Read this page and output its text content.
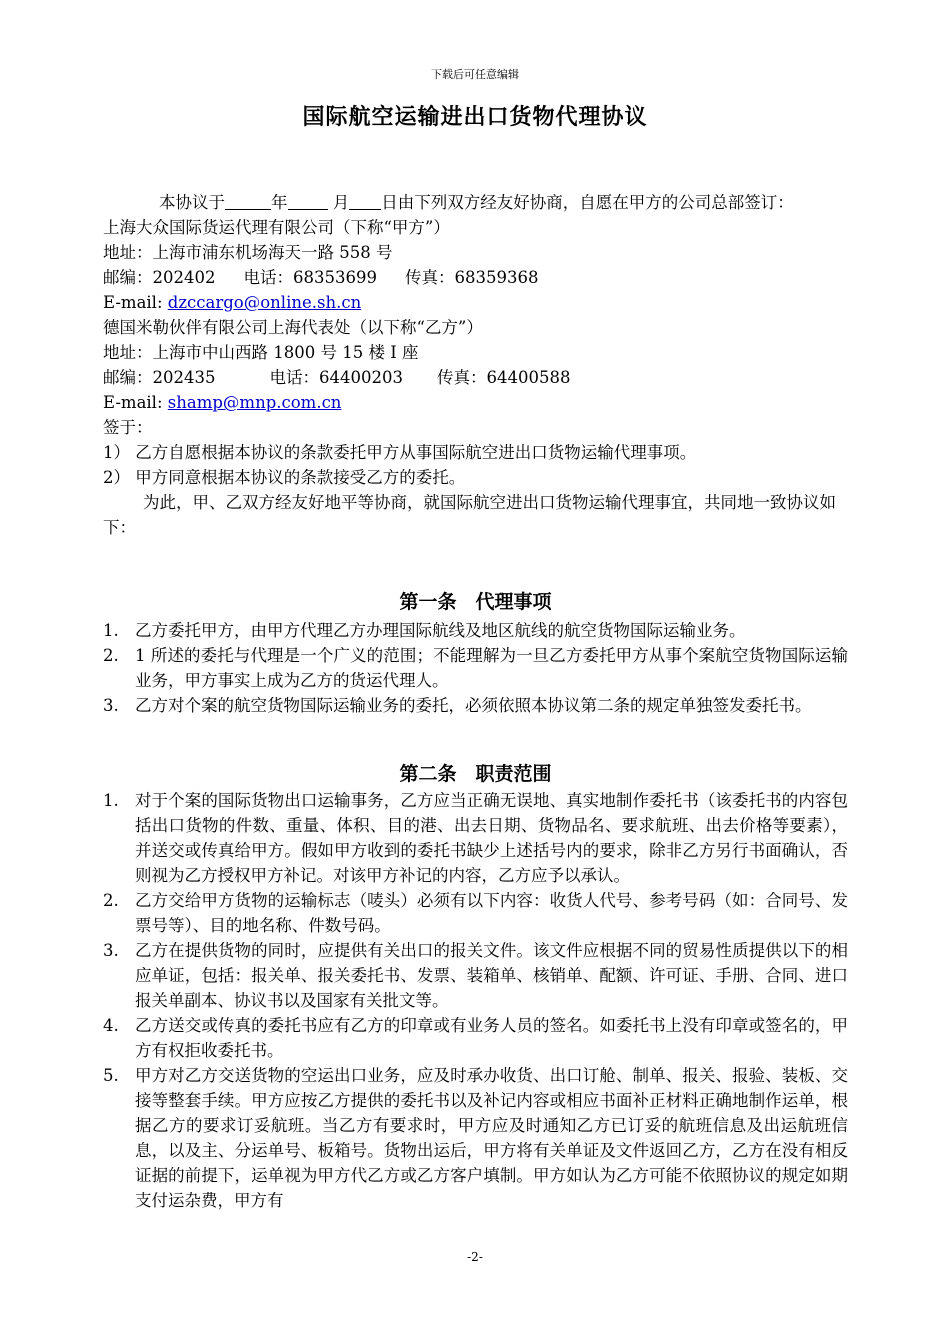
下载后可任意编辑
国际航空运输进出口货物代理协议

本协议于	年 月 日由下列双方经友好协商，自愿在甲方的公司总部签订：

上海大众国际货运代理有限公司（下称“甲方”）

地址：上海市浦东机场海天一路 558 号

邮编：202402 电话：68353699 传真：68359368

E-mail: dzccargo@online.sh.cn

德国米勒伙伴有限公司上海代表处（以下称“乙方”）

地址：上海市中山西路 1800 号 15 楼 I 座

邮编：202435	电话：64400203 传真：64400588

E-mail: shamp@mnp.com.cn

签于：

1） 乙方自愿根据本协议的条款委托甲方从事国际航空进出口货物运输代理事项。

2） 甲方同意根据本协议的条款接受乙方的委托。

为此，甲、乙双方经友好地平等协商，就国际航空进出口货物运输代理事宜，共同地一致协议如下：

第一条　代理事项
1. 乙方委托甲方，由甲方代理乙方办理国际航线及地区航线的航空货物国际运输业务。
2. 1 所述的委托与代理是一个广义的范围；不能理解为一旦乙方委托甲方从事个案航空货物国际运输业务，甲方事实上成为乙方的货运代理人。
3. 乙方对个案的航空货物国际运输业务的委托，必须依照本协议第二条的规定单独签发委托书。
第二条　职责范围
1. 对于个案的国际货物出口运输事务，乙方应当正确无误地、真实地制作委托书（该委托书的内容包括出口货物的件数、重量、体积、目的港、出去日期、货物品名、要求航班、出去价格等要素），并送交或传真给甲方。假如甲方收到的委托书缺少上述括号内的要求，除非乙方另行书面确认，否则视为乙方授权甲方补记。对该甲方补记的内容，乙方应予以承认。
2. 乙方交给甲方货物的运输标志（唛头）必须有以下内容：收货人代号、参考号码（如：合同号、发票号等）、目的地名称、件数号码。
3. 乙方在提供货物的同时，应提供有关出口的报关文件。该文件应根据不同的贸易性质提供以下的相应单证，包括：报关单、报关委托书、发票、装箱单、核销单、配额、许可证、手册、合同、进口报关单副本、协议书以及国家有关批文等。
4. 乙方送交或传真的委托书应有乙方的印章或有业务人员的签名。如委托书上没有印章或签名的，甲方有权拒收委托书。
5. 甲方对乙方交送货物的空运出口业务，应及时承办收货、出口订舱、制单、报关、报验、装板、交接等整套手续。甲方应按乙方提供的委托书以及补记内容或相应书面补正材料正确地制作运单，根据乙方的要求订妥航班。当乙方有要求时，甲方应及时通知乙方已订妥的航班信息及出运航班信息，以及主、分运单号、板箱号。货物出运后，甲方将有关单证及文件返回乙方，乙方在没有相反证据的前提下，运单视为甲方代乙方或乙方客户填制。甲方如认为乙方可能不依照协议的规定如期支付运杂费，甲方有
-2-
